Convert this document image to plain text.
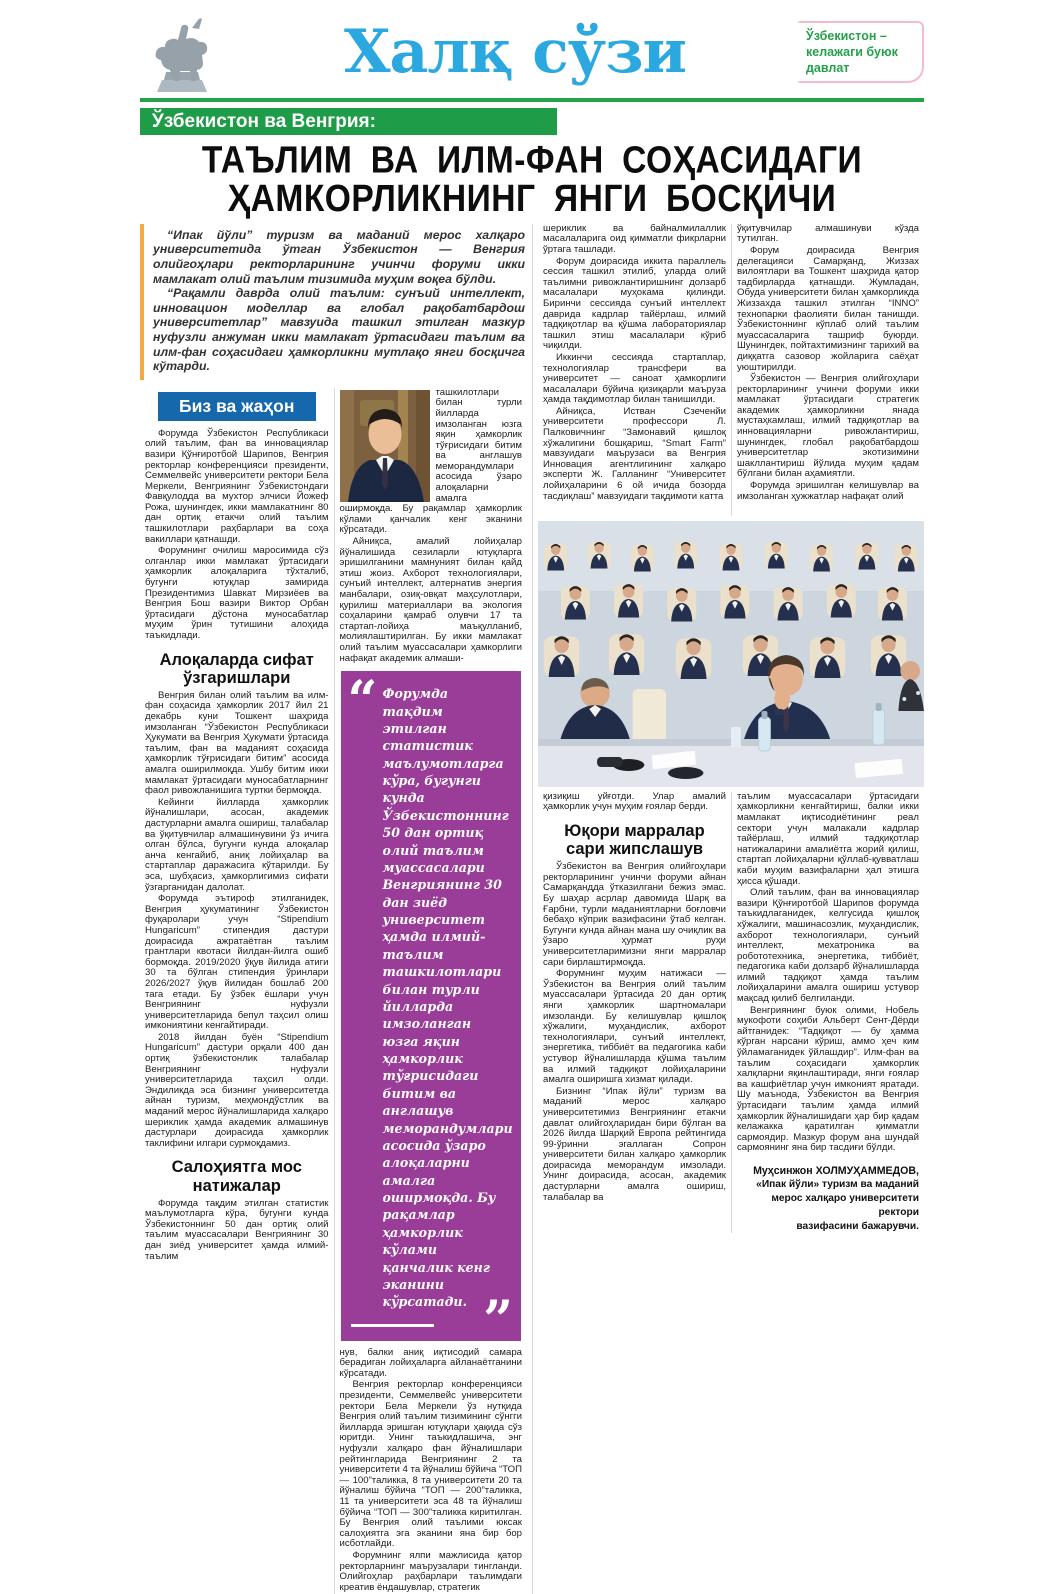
Халқ сўзи	Ўзбекистон – келажаги буюк давлат
Ўзбекистон ва Венгрия:
ТАЪЛИМ ВА ИЛМ-ФАН СОҲАСИДАГИ
ҲАМКОРЛИКНИНГ ЯНГИ БОСҚИЧИ

“Ипак йўли” туризм ва маданий мерос халқаро университетида ўтган Ўзбекистон — Венгрия олийгоҳлари ректорларининг учинчи форуми икки мамлакат олий таълим тизимида муҳим воқеа бўлди.

“Рақамли даврда олий таълим: сунъий интеллект, инновацион моделлар ва глобал рақобатбардош университетлар” мавзуида ташкил этилган мазкур нуфузли анжуман икки мамлакат ўртасидаги таълим ва илм-фан соҳасидаги ҳамкорликни мутлақо янги босқичга кўтарди.

Биз ва жаҳон

Форумда Ўзбекистон Республикаси олий таълим, фан ва инновациялар вазири Қўнғиротбой Шарипов, Венгрия ректорлар конференцияси президенти, Семмелвейс университети ректори Бела Меркели, Венгриянинг Ўзбекистондаги Фавқулодда ва мухтор элчиси Йожеф Рожа, шунингдек, икки мамлакатнинг 80 дан ортиқ етакчи олий таълим ташкилотлари раҳбарлари ва соҳа вакиллари қатнашди.

Форумнинг очилиш маросимида сўз олганлар икки мамлакат ўртасидаги ҳамкорлик алоқаларига тўхталиб, бугунги ютуқлар замирида Президентимиз Шавкат Мирзиёев ва Венгрия Бош вазири Виктор Орбан ўртасидаги дўстона муносабатлар муҳим ўрин тутишини алоҳида таъкидлади.

Алоқаларда сифат ўзгаришлари

Венгрия билан олий таълим ва илм-фан соҳасида ҳамкорлик 2017 йил 21 декабрь куни Тошкент шаҳрида имзоланган “Ўзбекистон Республикаси Ҳукумати ва Венгрия Ҳукумати ўртасида таълим, фан ва маданият соҳасида ҳамкорлик тўғрисидаги битим” асосида амалга оширилмоқда. Ушбу битим икки мамлакат ўртасидаги муносабатларнинг фаол ривожланишига туртки бермоқда.

Кейинги йилларда ҳамкорлик йўналишлари, асосан, академик дастурларни амалга ошириш, талабалар ва ўқитувчилар алмашинувини ўз ичига олган бўлса, бугунги кунда алоқалар анча кенгайиб, аниқ лойиҳалар ва стартаплар даражасига кўтарилди. Бу эса, шубҳасиз, ҳамкорлигимиз сифати ўзгарганидан далолат.

Форумда эътироф этилганидек, Венгрия ҳукуматининг Ўзбекистон фуқаролари учун “Stipendium Hungaricum” стипендия дастури доирасида ажратаётган таълим грантлари квотаси йилдан-йилга ошиб бормоқда. 2019/2020 ўқув йилида атиги 30 та бўлган стипендия ўринлари 2026/2027 ўқув йилидан бошлаб 200 тага етади. Бу ўзбек ёшлари учун Венгриянинг нуфузли университетларида бепул таҳсил олиш имкониятини кенгайтиради.

2018 йилдан буён “Stipendium Hungaricum” дастури орқали 400 дан ортиқ ўзбекистонлик талабалар Венгриянинг нуфузли университетларида таҳсил олди. Эндиликда эса бизнинг университетда айнан туризм, меҳмондўстлик ва маданий мерос йўналишларида халқаро шериклик ҳамда академик алмашинув дастурлари доирасида ҳамкорлик таклифини илгари сурмоқдамиз.

Салоҳиятга мос натижалар

Форумда тақдим этилган статистик маълумотларга кўра, бугунги кунда Ўзбекистоннинг 50 дан ортиқ олий таълим муассасалари Венгриянинг 30 дан зиёд университет ҳамда илмий-таълим

ташкилотлари билан турли йилларда имзоланган юзга яқин ҳамкорлик тўғрисидаги битим ва англашув меморандумлари асосида ўзаро алоқаларни амалга оширмоқда. Бу рақамлар ҳамкорлик кўлами қанчалик кенг эканини кўрсатади.

Айниқса, амалий лойиҳалар йўналишида сезиларли ютуқларга эришилганини мамнуният билан қайд этиш жоиз. Ахборот технологиялари, сунъий интеллект, алтернатив энергия манбалари, озиқ-овқат маҳсулотлари, қурилиш материаллари ва экология соҳаларини қамраб олувчи 17 та стартап-лойиҳа маъқулланиб, молиялаштирилган. Бу икки мамлакат олий таълим муассасалари ҳамкорлиги нафақат академик алмаши-

“ Форумда тақдим этилган статистик маълумотларга кўра, бугунги кунда Ўзбекистоннинг 50 дан ортиқ олий таълим муассасалари Венгриянинг 30 дан зиёд университет ҳамда илмий-таълим ташкилотлари билан турли йилларда имзоланган юзга яқин ҳамкорлик тўғрисидаги битим ва англашув меморандумлари асосида ўзаро алоқаларни амалга оширмоқда. Бу рақамлар ҳамкорлик кўлами қанчалик кенг эканини кўрсатади. ”

нув, балки аниқ иқтисодий самара берадиган лойиҳаларга айланаётганини кўрсатади.

Венгрия ректорлар конференцияси президенти, Семмелвейс университети ректори Бела Меркели ўз нутқида Венгрия олий таълим тизимининг сўнгги йилларда эришган ютуқлари ҳақида сўз юритди. Унинг таъкидлашича, энг нуфузли халқаро фан йўналишлари рейтингларида Венгриянинг 2 та университети 4 та йўналиш бўйича “ТОП — 100”таликка, 8 та университети 20 та йўналиш бўйича “ТОП — 200”таликка, 11 та университети эса 48 та йўналиш бўйича “ТОП — 300”таликка киритилган. Бу Венгрия олий таълими юксак салоҳиятга эга эканини яна бир бор исботлайди.

Форумнинг ялпи мажлисида қатор ректорларнинг маърузалари тингланди. Олийгоҳлар раҳбарлари таълимдаги креатив ёндашувлар, стратегик

шериклик ва байналмилаллик масалаларига оид қимматли фикрларни ўртага ташлади.

Форум доирасида иккита параллель сессия ташкил этилиб, уларда олий таълимни ривожлантиришнинг долзарб масалалари муҳокама қилинди. Биринчи сессияда сунъий интеллект даврида кадрлар тайёрлаш, илмий тадқиқотлар ва қўшма лабораториялар ташкил этиш масалалари кўриб чиқилди.

Иккинчи сессияда стартаплар, технологиялар трансфери ва университет — саноат ҳамкорлиги масалалари бўйича қизиқарли маъруза ҳамда тақдимотлар билан танишилди.

Айниқса, Истван Сзеченйи университети профессори Л. Палковичнинг “Замонавий қишлоқ хўжалигини бошқариш, “Smart Farm” мавзуидаги маърузаси ва Венгрия Инновация агентлигининг халқаро эксперти Ж. Галланинг “Университет лойиҳаларини 6 ой ичида бозорда тасдиқлаш” мавзуидаги тақдимоти катта

ўқитувчилар алмашинуви кўзда тутилган.

Форум доирасида Венгрия делегацияси Самарқанд, Жиззах вилоятлари ва Тошкент шаҳрида қатор тадбирларда қатнашди. Жумладан, Обуда университети билан ҳамкорликда Жиззахда ташкил этилган “INNO” технопарки фаолияти билан танишди. Ўзбекистоннинг кўплаб олий таълим муассасаларига ташриф буюрди. Шунингдек, пойтахтимизнинг тарихий ва диққатга сазовор жойларига саёҳат уюштирилди.

Ўзбекистон — Венгрия олийгоҳлари ректорларининг учинчи форуми икки мамлакат ўртасидаги стратегик академик ҳамкорликни янада мустаҳкамлаш, илмий тадқиқотлар ва инновацияларни ривожлантириш, шунингдек, глобал рақобатбардош университетлар экотизимини шакллантириш йўлида муҳим қадам бўлгани билан аҳамиятли.

Форумда эришилган келишувлар ва имзоланган ҳужжатлар нафақат олий

қизиқиш уйғотди. Улар амалий ҳамкорлик учун муҳим ғоялар берди.

Юқори марралар сари жипслашув

Ўзбекистон ва Венгрия олийгоҳлари ректорларининг учинчи форуми айнан Самарқандда ўтказилгани бежиз эмас. Бу шаҳар асрлар давомида Шарқ ва Ғарбни, турли маданиятларни боғловчи бебаҳо кўприк вазифасини ўтаб келган. Бугунги кунда айнан мана шу очиқлик ва ўзаро ҳурмат руҳи университетларимизни янги марралар сари бирлаштирмоқда.

Форумнинг муҳим натижаси — Ўзбекистон ва Венгрия олий таълим муассасалари ўртасида 20 дан ортиқ янги ҳамкорлик шартномалари имзоланди. Бу келишувлар қишлоқ хўжалиги, муҳандислик, ахборот технологиялари, сунъий интеллект, энергетика, тиббиёт ва педагогика каби устувор йўналишларда қўшма таълим ва илмий тадқиқот лойиҳаларини амалга оширишга хизмат қилади.

Бизнинг “Ипак йўли” туризм ва маданий мерос халқаро университетимиз Венгриянинг етакчи давлат олийгоҳларидан бири бўлган ва 2026 йилда Шарқий Европа рейтингида 99-ўринни эгаллаган Сопрон университети билан халқаро ҳамкорлик доирасида меморандум имзолади. Унинг доирасида, асосан, академик дастурларни амалга ошириш, талабалар ва

таълим муассасалари ўртасидаги ҳамкорликни кенгайтириш, балки икки мамлакат иқтисодиётининг реал сектори учун малакали кадрлар тайёрлаш, илмий тадқиқотлар натижаларини амалиётга жорий қилиш, стартап лойиҳаларни қўллаб-қувватлаш каби муҳим вазифаларни ҳал этишга ҳисса қўшади.

Олий таълим, фан ва инновациялар вазири Қўнғиротбой Шарипов форумда таъкидлаганидек, келгусида қишлоқ хўжалиги, машинасозлик, муҳандислик, ахборот технологиялари, сунъий интеллект, мехатроника ва робототехника, энергетика, тиббиёт, педагогика каби долзарб йўналишларда илмий тадқиқот ҳамда таълим лойиҳаларини амалга ошириш устувор мақсад қилиб белгиланди.

Венгриянинг буюк олими, Нобель мукофоти соҳиби Альберт Сент-Дёрди айтганидек: “Тадқиқот — бу ҳамма кўрган нарсани кўриш, аммо ҳеч ким ўйламаганидек ўйлашдир”. Илм-фан ва таълим соҳасидаги ҳамкорлик халқларни яқинлаштиради, янги ғоялар ва кашфиётлар учун имконият яратади. Шу маънода, Ўзбекистон ва Венгрия ўртасидаги таълим ҳамда илмий ҳамкорлик йўналишидаги ҳар бир қадам келажакка қаратилган қимматли сармоядир. Мазкур форум ана шундай сармоянинг яна бир тасдиғи бўлди.

Муҳсинжон ХОЛМУҲАММЕДОВ,
«Ипак йўли» туризм ва маданий
мерос халқаро университети ректори
вазифасини бажарувчи.
